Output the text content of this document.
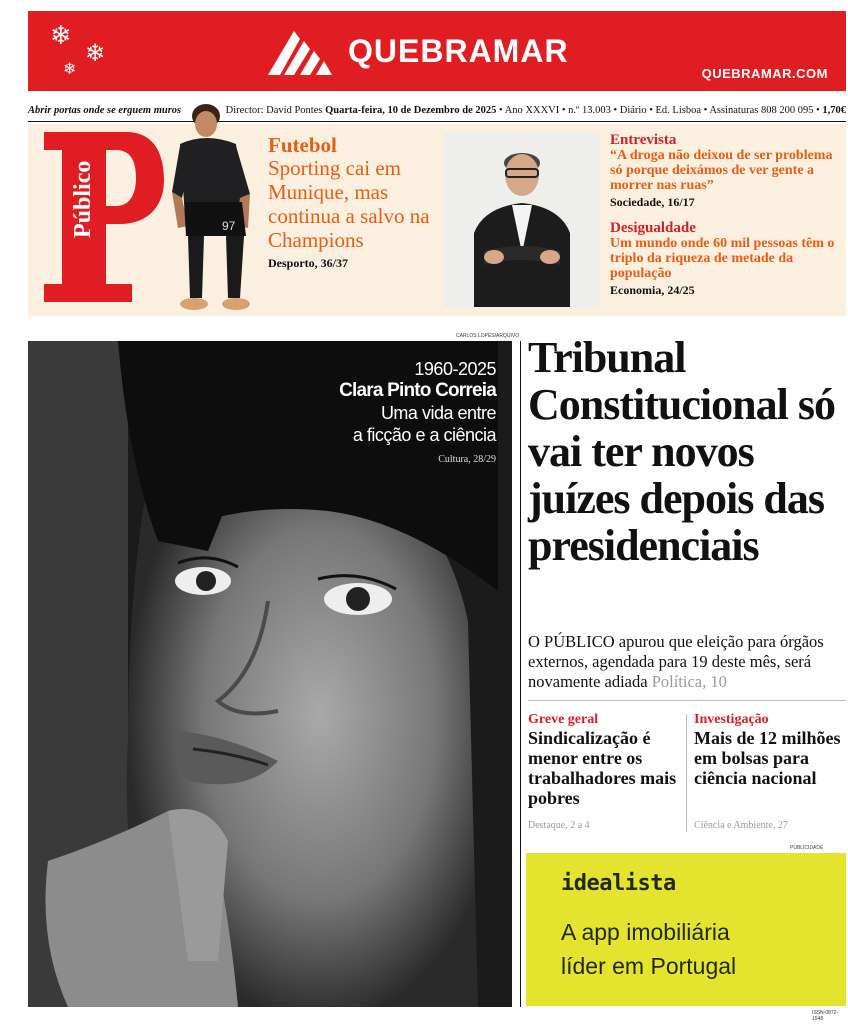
❄
❄
❄	QUEBRAMAR
QUEBRAMAR.COM
Abrir portas onde se erguem muros	Director: David Pontes Quarta-feira, 10 de Dezembro de 2025 • Ano XXXVI • n.º 13.003 • Diário • Ed. Lisboa • Assinaturas 808 200 095 • 1,70€
Público	97
Futebol
Sporting cai em Munique, mas continua a salvo na Champions
Desporto, 36/37
Entrevista
“A droga não deixou de ser problema só porque deixámos de ver gente a morrer nas ruas”
Sociedade, 16/17
Desigualdade
Um mundo onde 60 mil pessoas têm o triplo da riqueza de metade da população
Economia, 24/25
CARLOS LOPES/ARQUIVO
1960-2025
Clara Pinto Correia
Uma vida entre
a ficção e a ciência
Cultura, 28/29
Tribunal Constitucional só vai ter novos juízes depois das presidenciais
O PÚBLICO apurou que eleição para órgãos externos, agendada para 19 deste mês, será novamente adiada Política, 10
Greve geral
Sindicalização é menor entre os trabalhadores mais pobres
Destaque, 2 a 4
Investigação
Mais de 12 milhões em bolsas para ciência nacional
Ciência e Ambiente, 27
PUBLICIDADE
idealista
A app imobiliária
líder em Portugal
ISSN-0872-1548
